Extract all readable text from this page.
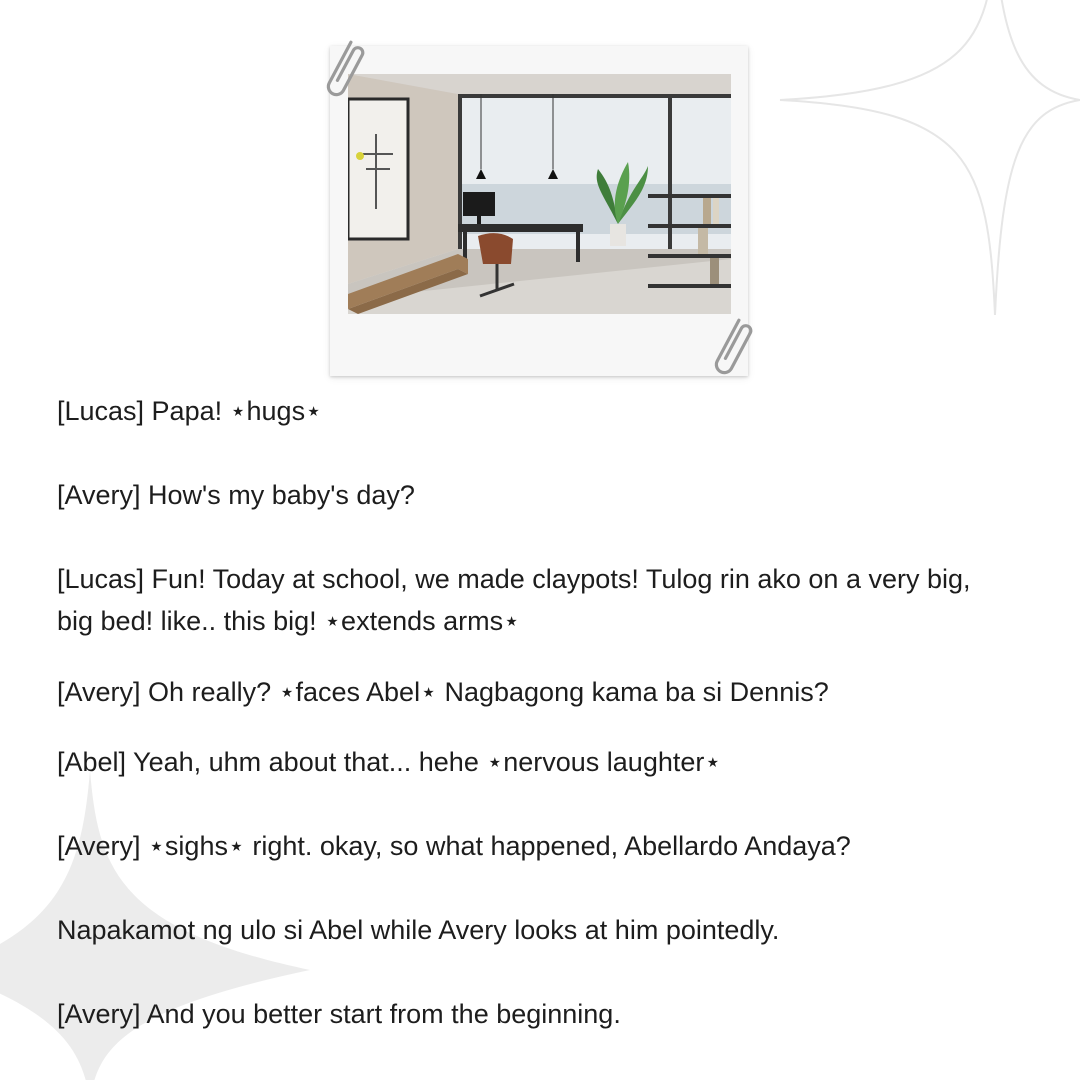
[Lucas] Papa! ⋆hugs⋆

[Avery] How's my baby's day?

[Lucas] Fun! Today at school, we made claypots! Tulog rin ako on a very big, big bed! like.. this big! ⋆extends arms⋆

[Avery] Oh really? ⋆faces Abel⋆ Nagbagong kama ba si Dennis?

[Abel] Yeah, uhm about that... hehe ⋆nervous laughter⋆

[Avery] ⋆sighs⋆ right. okay, so what happened, Abellardo Andaya?

Napakamot ng ulo si Abel while Avery looks at him pointedly.

[Avery] And you better start from the beginning.
